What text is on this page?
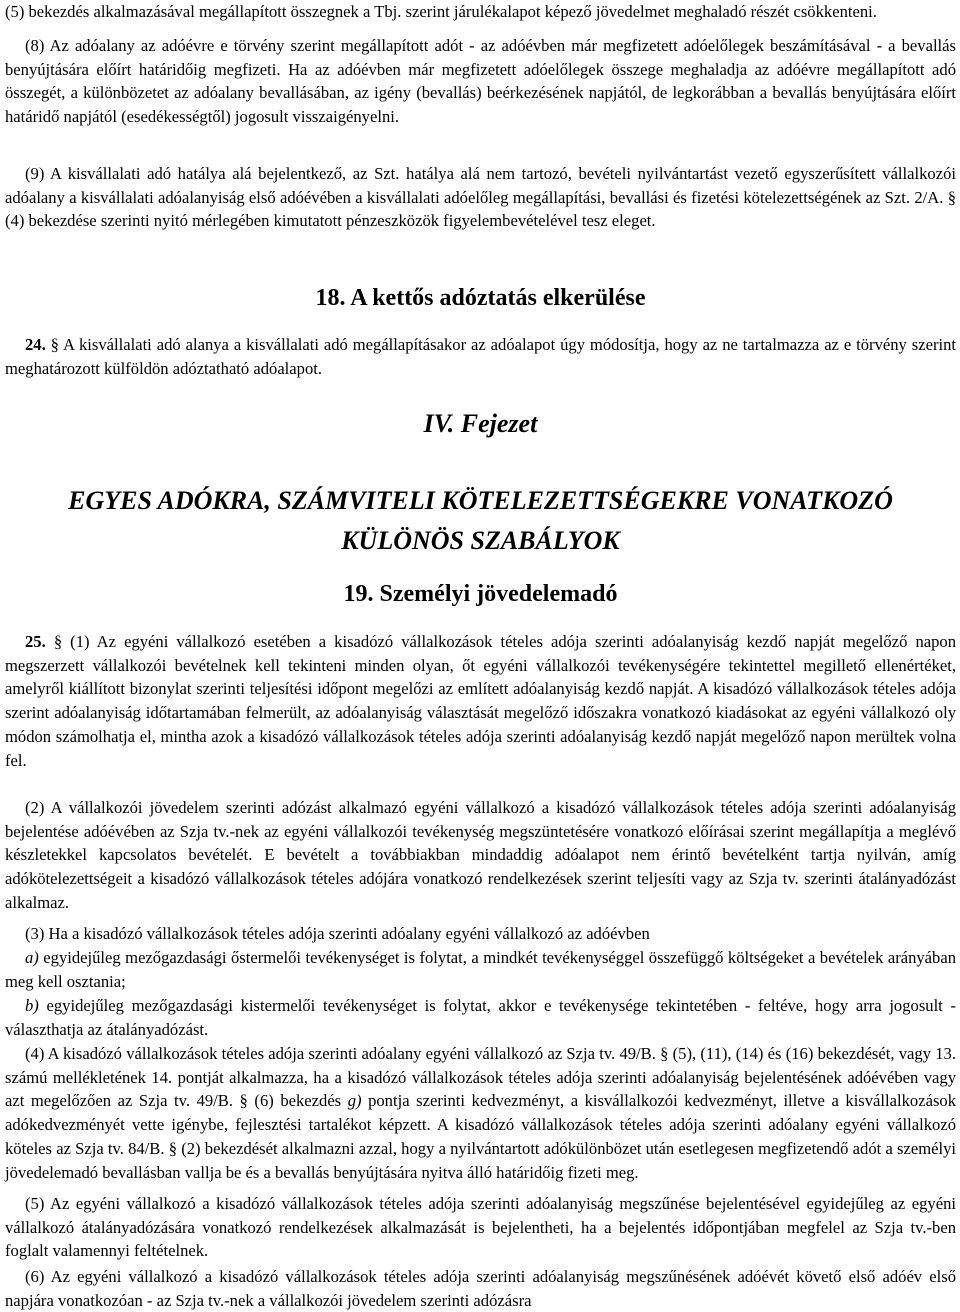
(5) bekezdés alkalmazásával megállapított összegnek a Tbj. szerint járulékalapot képező jövedelmet meghaladó részét csökkenteni.

(8) Az adóalany az adóévre e törvény szerint megállapított adót - az adóévben már megfizetett adóelőlegek beszámításával - a bevallás benyújtására előírt határidőig megfizeti. Ha az adóévben már megfizetett adóelőlegek összege meghaladja az adóévre megállapított adó összegét, a különbözetet az adóalany bevallásában, az igény (bevallás) beérkezésének napjától, de legkorábban a bevallás benyújtására előírt határidő napjától (esedékességtől) jogosult visszaigényelni.

(9) A kisvállalati adó hatálya alá bejelentkező, az Szt. hatálya alá nem tartozó, bevételi nyilvántartást vezető egyszerűsített vállalkozói adóalany a kisvállalati adóalanyiság első adóévében a kisvállalati adóelőleg megállapítási, bevallási és fizetési kötelezettségének az Szt. 2/A. § (4) bekezdése szerinti nyitó mérlegében kimutatott pénzeszközök figyelembevételével tesz eleget.

18. A kettős adóztatás elkerülése

24. § A kisvállalati adó alanya a kisvállalati adó megállapításakor az adóalapot úgy módosítja, hogy az ne tartalmazza az e törvény szerint meghatározott külföldön adóztatható adóalapot.

IV. Fejezet
EGYES ADÓKRA, SZÁMVITELI KÖTELEZETTSÉGEKRE VONATKOZÓ
KÜLÖNÖS SZABÁLYOK
19. Személyi jövedelemadó

25. § (1) Az egyéni vállalkozó esetében a kisadózó vállalkozások tételes adója szerinti adóalanyiság kezdő napját megelőző napon megszerzett vállalkozói bevételnek kell tekinteni minden olyan, őt egyéni vállalkozói tevékenységére tekintettel megillető ellenértéket, amelyről kiállított bizonylat szerinti teljesítési időpont megelőzi az említett adóalanyiság kezdő napját. A kisadózó vállalkozások tételes adója szerint adóalanyiság időtartamában felmerült, az adóalanyiság választását megelőző időszakra vonatkozó kiadásokat az egyéni vállalkozó oly módon számolhatja el, mintha azok a kisadózó vállalkozások tételes adója szerinti adóalanyiság kezdő napját megelőző napon merültek volna fel.

(2) A vállalkozói jövedelem szerinti adózást alkalmazó egyéni vállalkozó a kisadózó vállalkozások tételes adója szerinti adóalanyiság bejelentése adóévében az Szja tv.-nek az egyéni vállalkozói tevékenység megszüntetésére vonatkozó előírásai szerint megállapítja a meglévő készletekkel kapcsolatos bevételét. E bevételt a továbbiakban mindaddig adóalapot nem érintő bevételként tartja nyilván, amíg adókötelezettségeit a kisadózó vállalkozások tételes adójára vonatkozó rendelkezések szerint teljesíti vagy az Szja tv. szerinti átalányadózást alkalmaz.

(3) Ha a kisadózó vállalkozások tételes adója szerinti adóalany egyéni vállalkozó az adóévben

a) egyidejűleg mezőgazdasági őstermelői tevékenységet is folytat, a mindkét tevékenységgel összefüggő költségeket a bevételek arányában meg kell osztania;

b) egyidejűleg mezőgazdasági kistermelői tevékenységet is folytat, akkor e tevékenysége tekintetében - feltéve, hogy arra jogosult - választhatja az átalányadózást.

(4) A kisadózó vállalkozások tételes adója szerinti adóalany egyéni vállalkozó az Szja tv. 49/B. § (5), (11), (14) és (16) bekezdését, vagy 13. számú mellékletének 14. pontját alkalmazza, ha a kisadózó vállalkozások tételes adója szerinti adóalanyiság bejelentésének adóévében vagy azt megelőzően az Szja tv. 49/B. § (6) bekezdés g) pontja szerinti kedvezményt, a kisvállalkozói kedvezményt, illetve a kisvállalkozások adókedvezményét vette igénybe, fejlesztési tartalékot képzett. A kisadózó vállalkozások tételes adója szerinti adóalany egyéni vállalkozó köteles az Szja tv. 84/B. § (2) bekezdését alkalmazni azzal, hogy a nyilvántartott adókülönbözet után esetlegesen megfizetendő adót a személyi jövedelemadó bevallásban vallja be és a bevallás benyújtására nyitva álló határidőig fizeti meg.

(5) Az egyéni vállalkozó a kisadózó vállalkozások tételes adója szerinti adóalanyiság megszűnése bejelentésével egyidejűleg az egyéni vállalkozó átalányadózására vonatkozó rendelkezések alkalmazását is bejelentheti, ha a bejelentés időpontjában megfelel az Szja tv.-ben foglalt valamennyi feltételnek.

(6) Az egyéni vállalkozó a kisadózó vállalkozások tételes adója szerinti adóalanyiság megszűnésének adóévét követő első adóév első napjára vonatkozóan - az Szja tv.-nek a vállalkozói jövedelem szerinti adózásra
